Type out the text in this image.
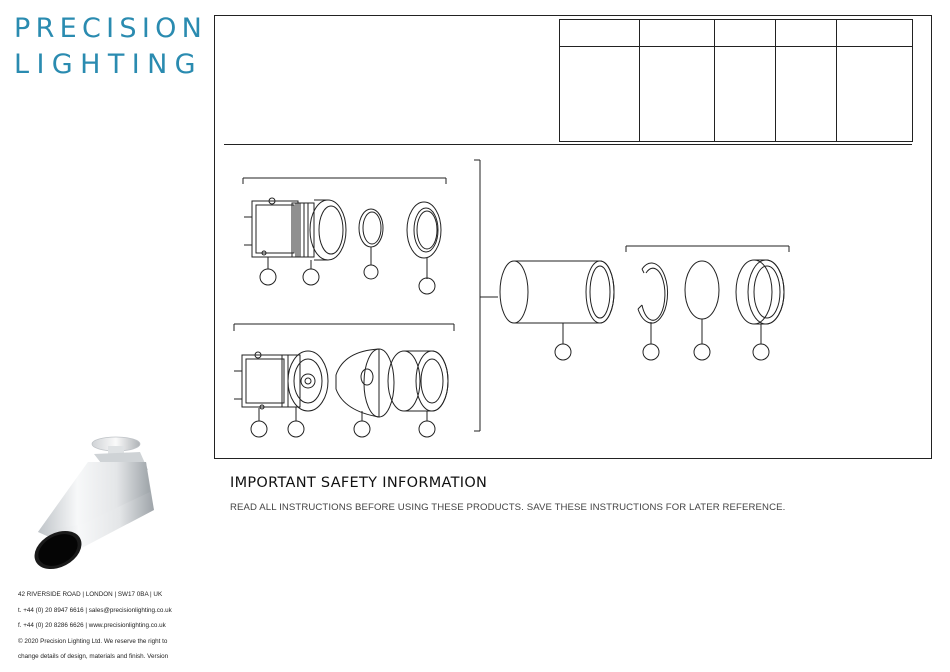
PRECISION
LIGHTING
42 RIVERSIDE ROAD | LONDON | SW17 0BA | UK
t. +44 (0) 20 8947 6616 | sales@precisionlighting.co.uk
f. +44 (0) 20 8286 6626 | www.precisionlighting.co.uk
© 2020 Precision Lighting Ltd. We reserve the right to
change details of design, materials and finish. Version

IMPORTANT SAFETY INFORMATION
READ ALL INSTRUCTIONS BEFORE USING THESE PRODUCTS. SAVE THESE INSTRUCTIONS FOR LATER REFERENCE.
